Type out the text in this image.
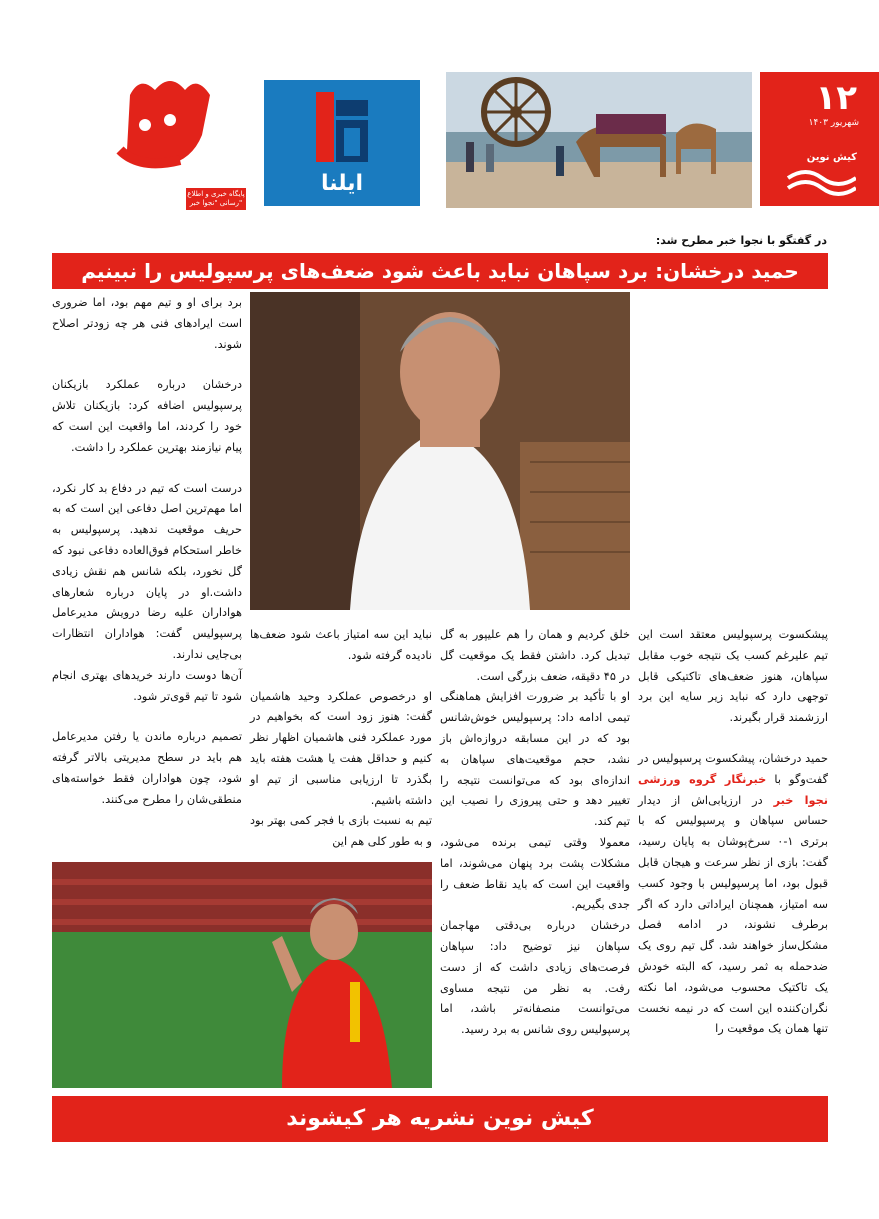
پایگاه خبری و اطلاع رسانی "نجوا خبر"
ایلنا
۱۲
شهریور ۱۴۰۳
کیش نوین
در گفتگو با نجوا خبر مطرح شد:
حمید درخشان: برد سپاهان نباید باعث شود ضعف‌های پرسپولیس را نبینیم

پیشکسوت پرسپولیس معتقد است این تیم علیرغم کسب یک نتیجه خوب مقابل سپاهان، هنوز ضعف‌های تاکتیکی قابل توجهی دارد که نباید زیر سایه این برد ارزشمند قرار بگیرند.

حمید درخشان، پیشکسوت پرسپولیس در گفت‌وگو با خبرنگار گروه ورزشی نجوا خبر در ارزیابی‌اش از دیدار حساس سپاهان و پرسپولیس که با برتری ۱-۰ سرخ‌پوشان به پایان رسید، گفت: بازی از نظر سرعت و هیجان قابل قبول بود، اما پرسپولیس با وجود کسب سه امتیاز، همچنان ایراداتی دارد که اگر برطرف نشوند، در ادامه فصل مشکل‌ساز خواهند شد. گل تیم روی یک ضدحمله به ثمر رسید، که البته خودش یک تاکتیک محسوب می‌شود، اما نکته نگران‌کننده این است که در نیمه نخست تنها همان یک موقعیت را

خلق کردیم و همان را هم علیپور به گل تبدیل کرد. داشتن فقط یک موقعیت گل در ۴۵ دقیقه، ضعف بزرگی است.

او با تأکید بر ضرورت افزایش هماهنگی تیمی ادامه داد: پرسپولیس خوش‌شانس بود که در این مسابقه دروازه‌اش باز نشد، حجم موقعیت‌های سپاهان به اندازه‌ای بود که می‌توانست نتیجه را تغییر دهد و حتی پیروزی را نصیب این تیم کند.

معمولا وقتی تیمی برنده می‌شود، مشکلات پشت برد پنهان می‌شوند، اما واقعیت این است که باید نقاط ضعف را جدی بگیریم.

درخشان درباره بی‌دقتی مهاجمان سپاهان نیز توضیح داد: سپاهان فرصت‌های زیادی داشت که از دست رفت. به نظر من نتیجه مساوی می‌توانست منصفانه‌تر باشد، اما پرسپولیس روی شانس به برد رسید.

نباید این سه امتیاز باعث شود ضعف‌ها نادیده گرفته شود.

او درخصوص عملکرد وحید هاشمیان گفت: هنوز زود است که بخواهیم در مورد عملکرد فنی هاشمیان اظهار نظر کنیم و حداقل هفت یا هشت هفته باید بگذرد تا ارزیابی مناسبی از تیم او داشته باشیم.

تیم به نسبت بازی با فجر کمی بهتر بود و به طور کلی هم این

برد برای او و تیم مهم بود، اما ضروری است ایرادهای فنی هر چه زودتر اصلاح شوند.

درخشان درباره عملکرد بازیکنان پرسپولیس اضافه کرد: بازیکنان تلاش خود را کردند، اما واقعیت این است که پیام نیازمند بهترین عملکرد را داشت.

درست است که تیم در دفاع بد کار نکرد، اما مهم‌ترین اصل دفاعی این است که به حریف موقعیت ندهید. پرسپولیس به خاطر استحکام فوق‌العاده دفاعی نبود که گل نخورد، بلکه شانس هم نقش زیادی داشت.او در پایان درباره شعارهای هواداران علیه رضا درویش مدیرعامل پرسپولیس گفت: هواداران انتظارات بی‌جایی ندارند.

آن‌ها دوست دارند خریدهای بهتری انجام شود تا تیم قوی‌تر شود.

تصمیم درباره ماندن یا رفتن مدیرعامل هم باید در سطح مدیریتی بالاتر گرفته شود، چون هواداران فقط خواسته‌های منطقی‌شان را مطرح می‌کنند.

کیش نوین نشریه هر کیشوند
